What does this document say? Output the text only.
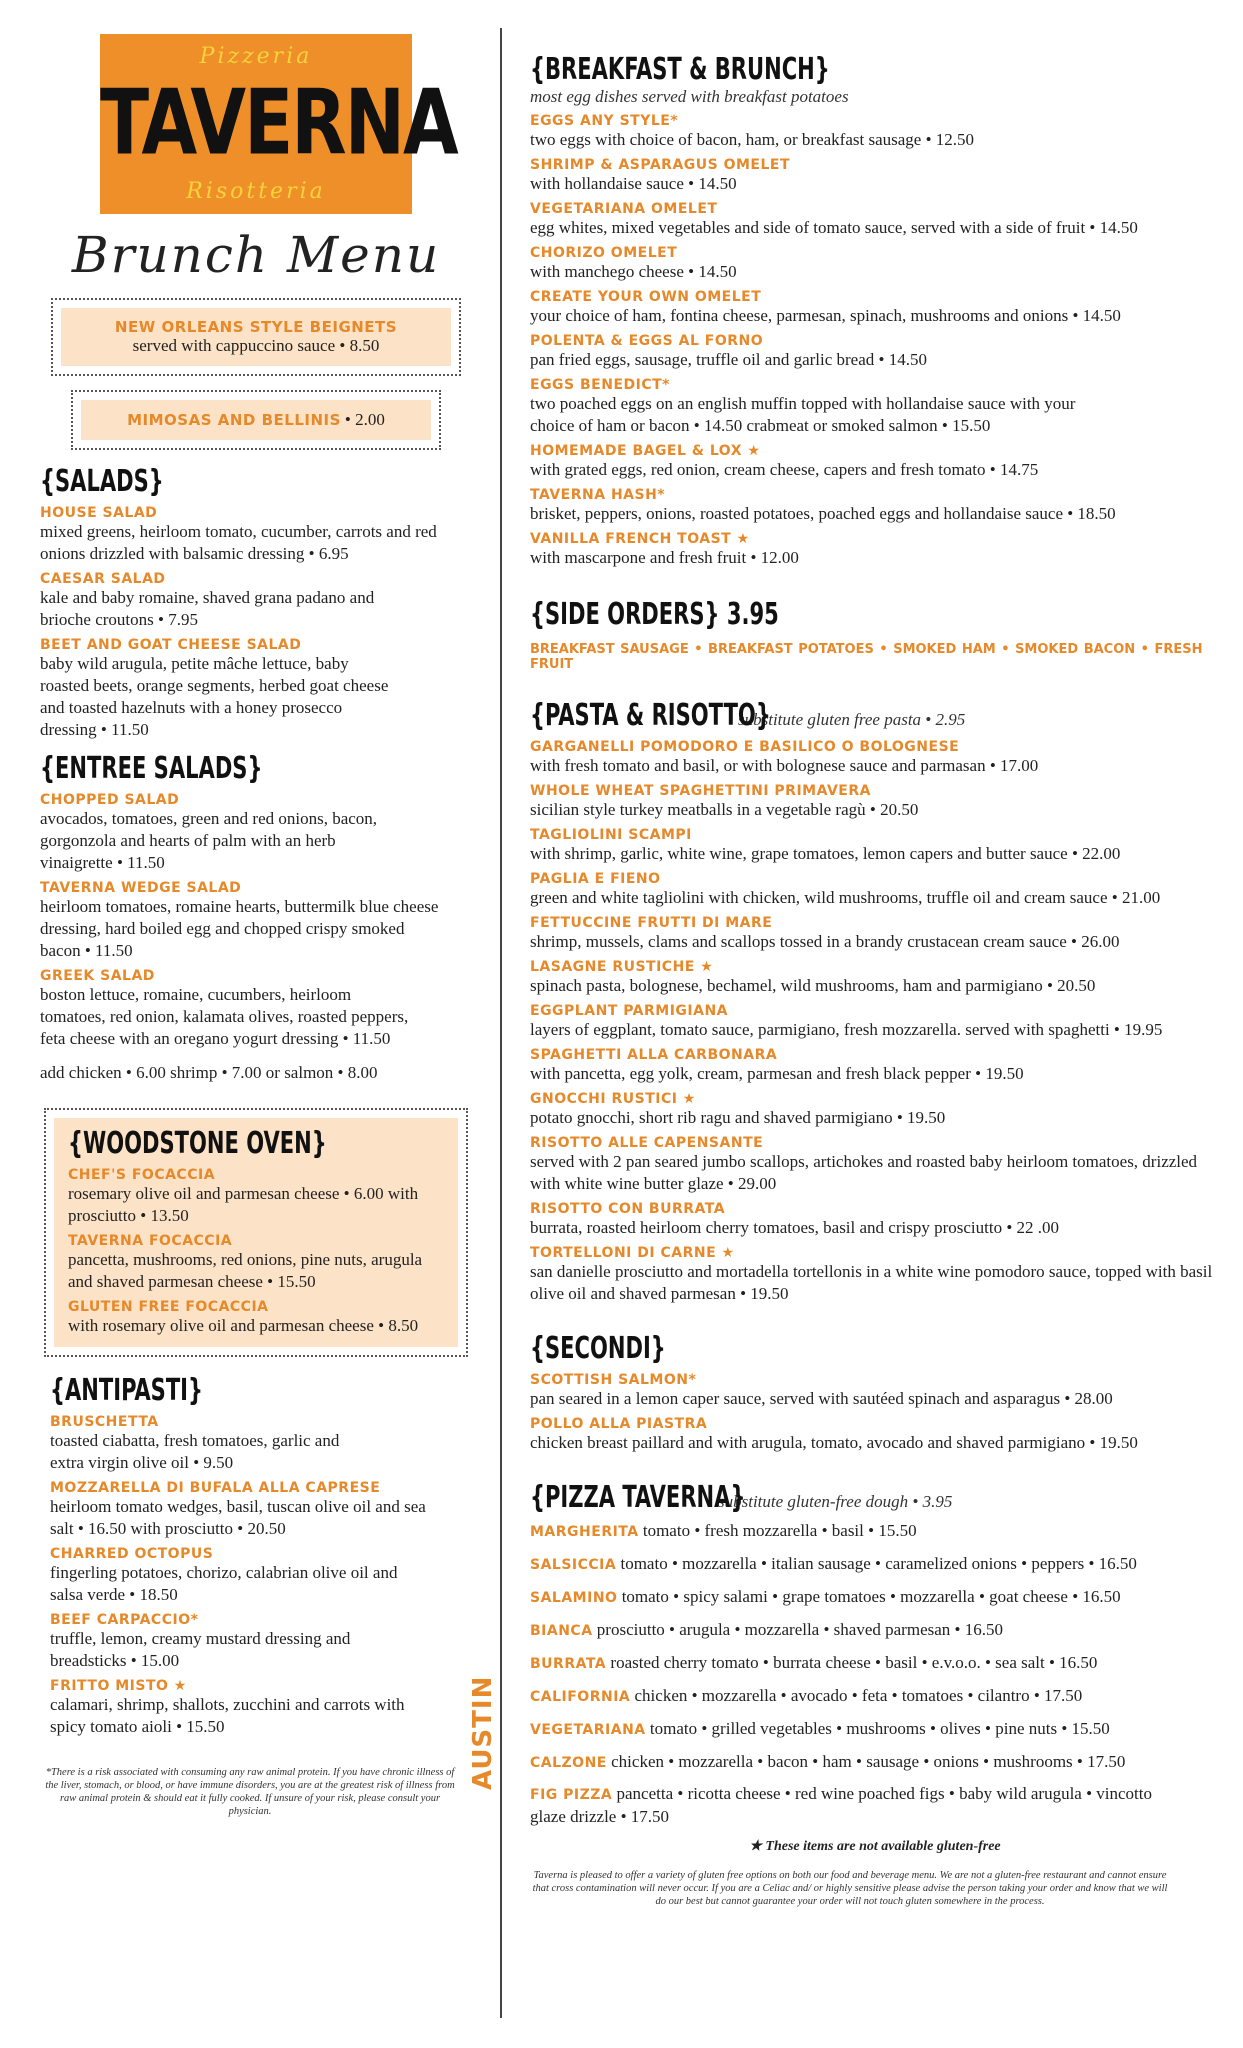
Pizzeria
TAVERNA
Risotteria
Brunch Menu
NEW ORLEANS STYLE BEIGNETS
served with cappuccino sauce • 8.50
MIMOSAS AND BELLINIS • 2.00
{SALADS}
HOUSE SALAD
mixed greens, heirloom tomato, cucumber, carrots and red onions drizzled with balsamic dressing • 6.95
CAESAR SALAD
kale and baby romaine, shaved grana padano and brioche croutons • 7.95
BEET AND GOAT CHEESE SALAD
baby wild arugula, petite mâche lettuce, baby roasted beets, orange segments, herbed goat cheese and toasted hazelnuts with a honey prosecco dressing • 11.50
{ENTREE SALADS}
CHOPPED SALAD
avocados, tomatoes, green and red onions, bacon, gorgonzola and hearts of palm with an herb vinaigrette • 11.50
TAVERNA WEDGE SALAD
heirloom tomatoes, romaine hearts, buttermilk blue cheese dressing, hard boiled egg and chopped crispy smoked bacon • 11.50
GREEK SALAD
boston lettuce, romaine, cucumbers, heirloom tomatoes, red onion, kalamata olives, roasted peppers, feta cheese with an oregano yogurt dressing • 11.50
add chicken • 6.00 shrimp • 7.00 or salmon • 8.00
{WOODSTONE OVEN}
CHEF'S FOCACCIA
rosemary olive oil and parmesan cheese • 6.00 with prosciutto • 13.50
TAVERNA FOCACCIA
pancetta, mushrooms, red onions, pine nuts, arugula and shaved parmesan cheese • 15.50
GLUTEN FREE FOCACCIA
with rosemary olive oil and parmesan cheese • 8.50
{ANTIPASTI}
BRUSCHETTA
toasted ciabatta, fresh tomatoes, garlic and extra virgin olive oil • 9.50
MOZZARELLA DI BUFALA ALLA CAPRESE
heirloom tomato wedges, basil, tuscan olive oil and sea salt • 16.50 with prosciutto • 20.50
CHARRED OCTOPUS
fingerling potatoes, chorizo, calabrian olive oil and salsa verde • 18.50
BEEF CARPACCIO*
truffle, lemon, creamy mustard dressing and breadsticks • 15.00
FRITTO MISTO ★
calamari, shrimp, shallots, zucchini and carrots with spicy tomato aioli • 15.50
*There is a risk associated with consuming any raw animal protein. If you have chronic illness of the liver, stomach, or blood, or have immune disorders, you are at the greatest risk of illness from raw animal protein & should eat it fully cooked. If unsure of your risk, please consult your physician.
AUSTIN
{BREAKFAST & BRUNCH}
most egg dishes served with breakfast potatoes
EGGS ANY STYLE*
two eggs with choice of bacon, ham, or breakfast sausage • 12.50
SHRIMP & ASPARAGUS OMELET
with hollandaise sauce • 14.50
VEGETARIANA OMELET
egg whites, mixed vegetables and side of tomato sauce, served with a side of fruit • 14.50
CHORIZO OMELET
with manchego cheese • 14.50
CREATE YOUR OWN OMELET
your choice of ham, fontina cheese, parmesan, spinach, mushrooms and onions • 14.50
POLENTA & EGGS AL FORNO
pan fried eggs, sausage, truffle oil and garlic bread • 14.50
EGGS BENEDICT*
two poached eggs on an english muffin topped with hollandaise sauce with your choice of ham or bacon • 14.50 crabmeat or smoked salmon • 15.50
HOMEMADE BAGEL & LOX ★
with grated eggs, red onion, cream cheese, capers and fresh tomato • 14.75
TAVERNA HASH*
brisket, peppers, onions, roasted potatoes, poached eggs and hollandaise sauce • 18.50
VANILLA FRENCH TOAST ★
with mascarpone and fresh fruit • 12.00
{SIDE ORDERS} 3.95
BREAKFAST SAUSAGE • BREAKFAST POTATOES • SMOKED HAM • SMOKED BACON • FRESH FRUIT
{PASTA & RISOTTO}
substitute gluten free pasta • 2.95
GARGANELLI POMODORO E BASILICO O BOLOGNESE
with fresh tomato and basil, or with bolognese sauce and parmasan • 17.00
WHOLE WHEAT SPAGHETTINI PRIMAVERA
sicilian style turkey meatballs in a vegetable ragù • 20.50
TAGLIOLINI SCAMPI
with shrimp, garlic, white wine, grape tomatoes, lemon capers and butter sauce • 22.00
PAGLIA E FIENO
green and white tagliolini with chicken, wild mushrooms, truffle oil and cream sauce • 21.00
FETTUCCINE FRUTTI DI MARE
shrimp, mussels, clams and scallops tossed in a brandy crustacean cream sauce • 26.00
LASAGNE RUSTICHE ★
spinach pasta, bolognese, bechamel, wild mushrooms, ham and parmigiano • 20.50
EGGPLANT PARMIGIANA
layers of eggplant, tomato sauce, parmigiano, fresh mozzarella. served with spaghetti • 19.95
SPAGHETTI ALLA CARBONARA
with pancetta, egg yolk, cream, parmesan and fresh black pepper • 19.50
GNOCCHI RUSTICI ★
potato gnocchi, short rib ragu and shaved parmigiano • 19.50
RISOTTO ALLE CAPENSANTE
served with 2 pan seared jumbo scallops, artichokes and roasted baby heirloom tomatoes, drizzled with white wine butter glaze • 29.00
RISOTTO CON BURRATA
burrata, roasted heirloom cherry tomatoes, basil and crispy prosciutto • 22 .00
TORTELLONI DI CARNE ★
san danielle prosciutto and mortadella tortellonis in a white wine pomodoro sauce, topped with basil olive oil and shaved parmesan • 19.50
{SECONDI}
SCOTTISH SALMON*
pan seared in a lemon caper sauce, served with sautéed spinach and asparagus • 28.00
POLLO ALLA PIASTRA
chicken breast paillard and with arugula, tomato, avocado and shaved parmigiano • 19.50
{PIZZA TAVERNA}
substitute gluten-free dough • 3.95
MARGHERITA tomato • fresh mozzarella • basil • 15.50
SALSICCIA tomato • mozzarella • italian sausage • caramelized onions • peppers • 16.50
SALAMINO tomato • spicy salami • grape tomatoes • mozzarella • goat cheese • 16.50
BIANCA prosciutto • arugula • mozzarella • shaved parmesan • 16.50
BURRATA roasted cherry tomato • burrata cheese • basil • e.v.o.o. • sea salt • 16.50
CALIFORNIA chicken • mozzarella • avocado • feta • tomatoes • cilantro • 17.50
VEGETARIANA tomato • grilled vegetables • mushrooms • olives • pine nuts • 15.50
CALZONE chicken • mozzarella • bacon • ham • sausage • onions • mushrooms • 17.50
FIG PIZZA pancetta • ricotta cheese • red wine poached figs • baby wild arugula • vincotto glaze drizzle • 17.50
★ These items are not available gluten-free
Taverna is pleased to offer a variety of gluten free options on both our food and beverage menu. We are not a gluten-free restaurant and cannot ensure that cross contamination will never occur. If you are a Celiac and/ or highly sensitive please advise the person taking your order and know that we will do our best but cannot guarantee your order will not touch gluten somewhere in the process.
